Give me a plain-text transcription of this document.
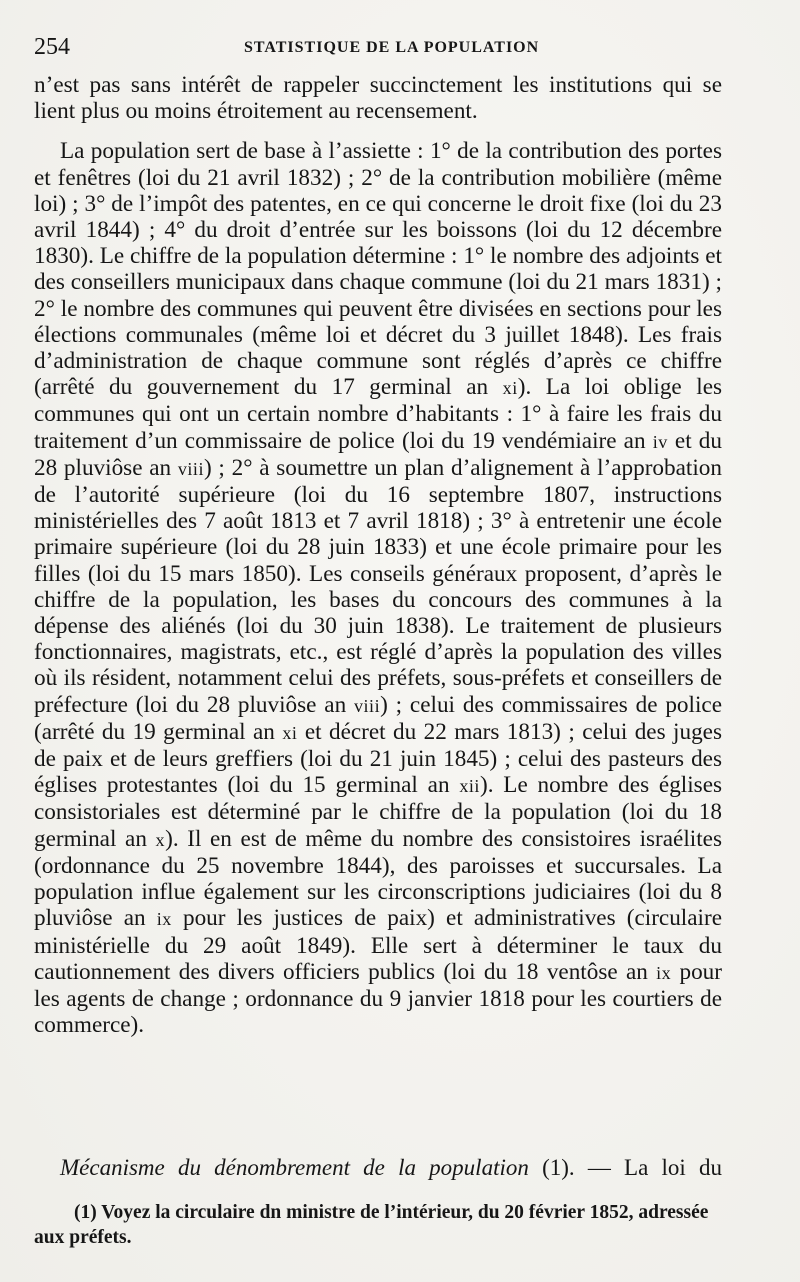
254	STATISTIQUE DE LA POPULATION

n’est pas sans intérêt de rappeler succinctement les institutions qui se lient plus ou moins étroitement au recensement.

La population sert de base à l’assiette : 1° de la contribution des portes et fenêtres (loi du 21 avril 1832) ; 2° de la contribution mobilière (même loi) ; 3° de l’impôt des patentes, en ce qui concerne le droit fixe (loi du 23 avril 1844) ; 4° du droit d’entrée sur les boissons (loi du 12 décembre 1830). Le chiffre de la population détermine : 1° le nombre des adjoints et des conseillers municipaux dans chaque commune (loi du 21 mars 1831) ; 2° le nombre des communes qui peuvent être divisées en sections pour les élections communales (même loi et décret du 3 juillet 1848). Les frais d’administration de chaque commune sont réglés d’après ce chiffre (arrêté du gouvernement du 17 germinal an xi). La loi oblige les communes qui ont un certain nombre d’habitants : 1° à faire les frais du traitement d’un commissaire de police (loi du 19 vendémiaire an iv et du 28 pluviôse an viii) ; 2° à soumettre un plan d’alignement à l’approbation de l’autorité supérieure (loi du 16 septembre 1807, instructions ministérielles des 7 août 1813 et 7 avril 1818) ; 3° à entretenir une école primaire supérieure (loi du 28 juin 1833) et une école primaire pour les filles (loi du 15 mars 1850). Les conseils généraux proposent, d’après le chiffre de la population, les bases du concours des communes à la dépense des aliénés (loi du 30 juin 1838). Le traitement de plusieurs fonctionnaires, magistrats, etc., est réglé d’après la population des villes où ils résident, notamment celui des préfets, sous-préfets et conseillers de préfecture (loi du 28 pluviôse an viii) ; celui des commissaires de police (arrêté du 19 germinal an xi et décret du 22 mars 1813) ; celui des juges de paix et de leurs greffiers (loi du 21 juin 1845) ; celui des pasteurs des églises protestantes (loi du 15 germinal an xii). Le nombre des églises consistoriales est déterminé par le chiffre de la population (loi du 18 germinal an x). Il en est de même du nombre des consistoires israélites (ordonnance du 25 novembre 1844), des paroisses et succursales. La population influe également sur les circonscriptions judiciaires (loi du 8 pluviôse an ix pour les justices de paix) et administratives (circulaire ministérielle du 29 août 1849). Elle sert à déterminer le taux du cautionnement des divers officiers publics (loi du 18 ventôse an ix pour les agents de change ; ordonnance du 9 janvier 1818 pour les courtiers de commerce).

Mécanisme du dénombrement de la population (1). — La loi du
(1) Voyez la circulaire dn ministre de l’intérieur, du 20 février 1852, adressée aux préfets.
